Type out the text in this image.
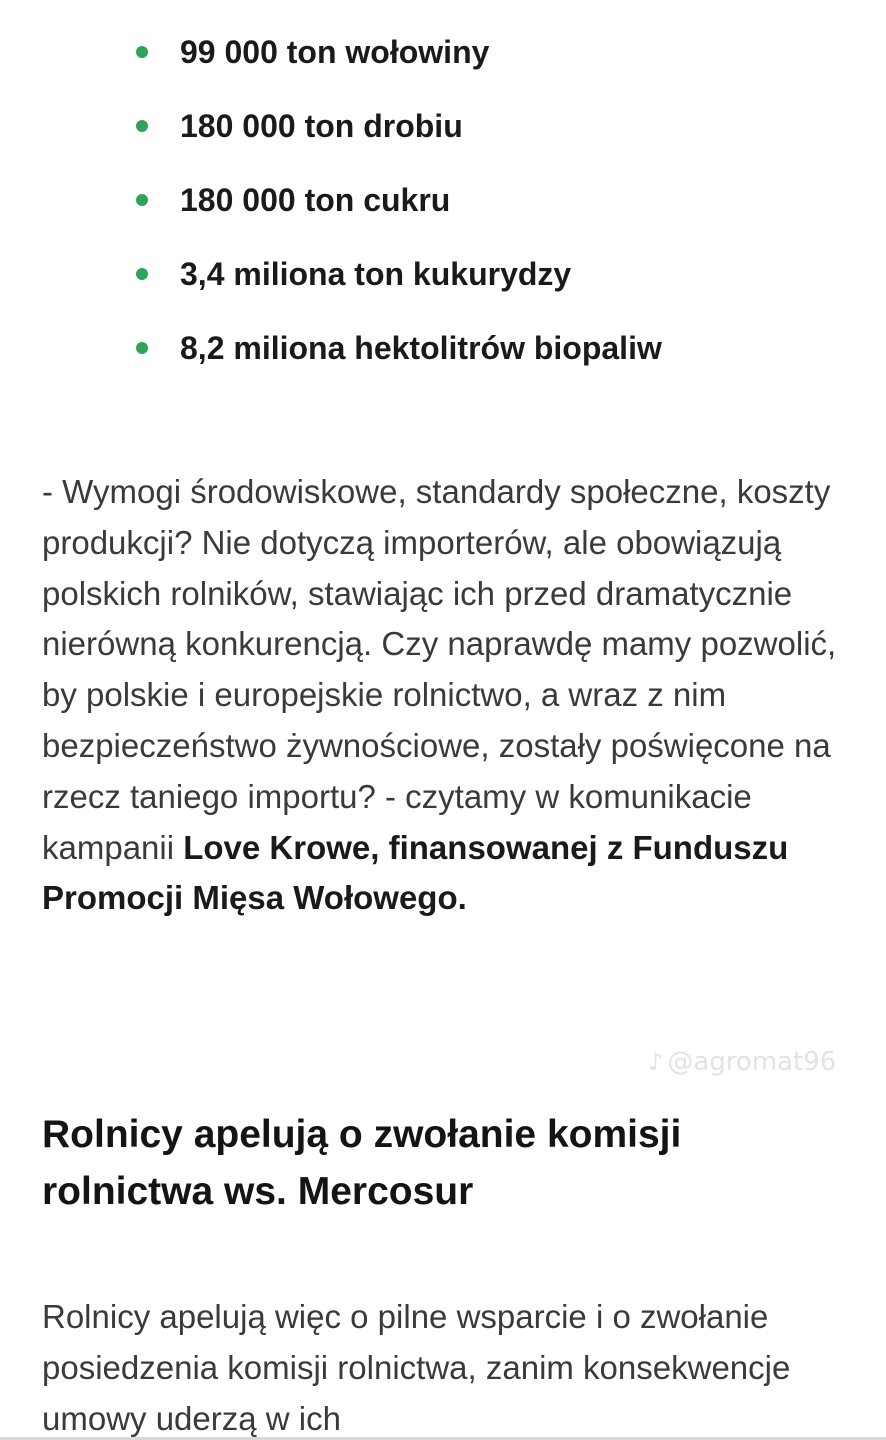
99 000 ton wołowiny
180 000 ton drobiu
180 000 ton cukru
3,4 miliona ton kukurydzy
8,2 miliona hektolitrów biopaliw

- Wymogi środowiskowe, standardy społeczne, koszty produkcji? Nie dotyczą importerów, ale obowiązują polskich rolników, stawiając ich przed dramatycznie nierówną konkurencją. Czy naprawdę mamy pozwolić, by polskie i europejskie rolnictwo, a wraz z nim bezpieczeństwo żywnościowe, zostały poświęcone na rzecz taniego importu? - czytamy w komunikacie kampanii Love Krowe, finansowanej z Funduszu Promocji Mięsa Wołowego.

♪ @agromat96
Rolnicy apelują o zwołanie komisji rolnictwa ws. Mercosur

Rolnicy apelują więc o pilne wsparcie i o zwołanie posiedzenia komisji rolnictwa, zanim konsekwencje umowy uderzą w ich
